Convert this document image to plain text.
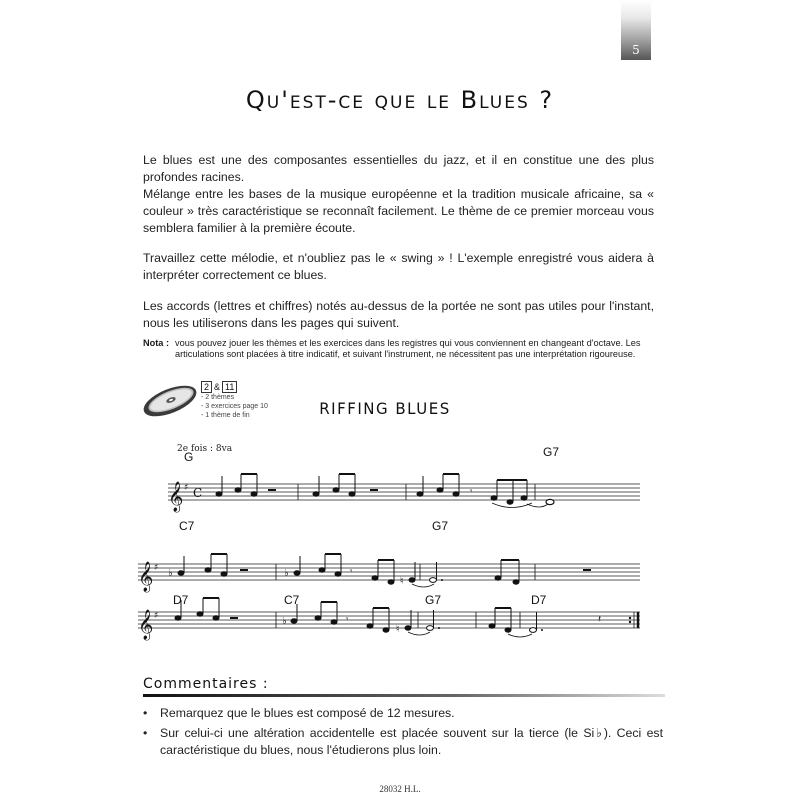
5
Qu'est-ce que le Blues ?

Le blues est une des composantes essentielles du jazz, et il en constitue une des plus profondes racines.

Mélange entre les bases de la musique européenne et la tradition musicale africaine, sa « couleur » très caractéristique se reconnaît facilement. Le thème de ce premier morceau vous semblera familier à la première écoute.

Travaillez cette mélodie, et n'oubliez pas le « swing » ! L'exemple enregistré vous aidera à interpréter correctement ce blues.

Les accords (lettres et chiffres) notés au-dessus de la portée ne sont pas utiles pour l'instant, nous les utiliserons dans les pages qui suivent.

Nota : vous pouvez jouer les thèmes et les exercices dans les registres qui vous conviennent en changeant d'octave. Les articulations sont placées à titre indicatif, et suivant l'instrument, ne nécessitent pas une interprétation rigoureuse.
2 & 11
- 2 thèmes
- 3 exercices page 10
- 1 thème de fin	RIFFING BLUES
2e fois : 8va
G	G7
𝄞 ♯ C	𝄾
C7	G7
𝄞 ♯ ♭	♭	𝄾
♮
D7	C7	G7	D7
𝄞 ♯	♭	𝄾
♮
𝄽
Commentaires :
• Remarquez que le blues est composé de 12 mesures.
• Sur celui-ci une altération accidentelle est placée souvent sur la tierce (le Si♭). Ceci est caractéristique du blues, nous l'étudierons plus loin.
28032 H.L.
